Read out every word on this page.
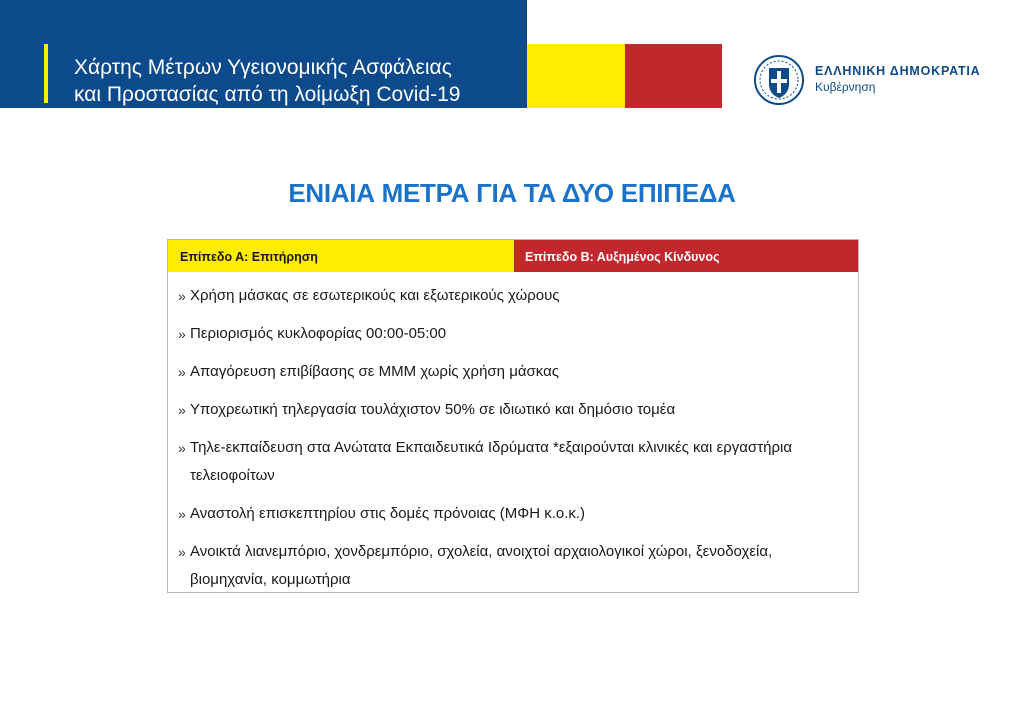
Χάρτης Μέτρων Υγειονομικής Ασφάλειας
και Προστασίας από τη λοίμωξη Covid-19
ΕΛΛΗΝΙΚΗ ΔΗΜΟΚΡΑΤΙΑ
Κυβέρνηση
ΕΝΙΑΙΑ ΜΕΤΡΑ ΓΙΑ ΤΑ ΔΥΟ ΕΠΙΠΕΔΑ
Επίπεδο Α: Επιτήρηση	Επίπεδο Β: Αυξημένος Κίνδυνος
» Χρήση μάσκας σε εσωτερικούς και εξωτερικούς χώρους
» Περιορισμός κυκλοφορίας 00:00-05:00
» Απαγόρευση επιβίβασης σε ΜΜΜ χωρίς χρήση μάσκας
» Υποχρεωτική τηλεργασία τουλάχιστον 50% σε ιδιωτικό και δημόσιο τομέα
» Τηλε-εκπαίδευση στα Ανώτατα Εκπαιδευτικά Ιδρύματα *εξαιρούνται κλινικές και εργαστήρια τελειοφοίτων
» Αναστολή επισκεπτηρίου στις δομές πρόνοιας (ΜΦΗ κ.ο.κ.)
» Ανοικτά λιανεμπόριο, χονδρεμπόριο, σχολεία, ανοιχτοί αρχαιολογικοί χώροι, ξενοδοχεία, βιομηχανία, κομμωτήρια
